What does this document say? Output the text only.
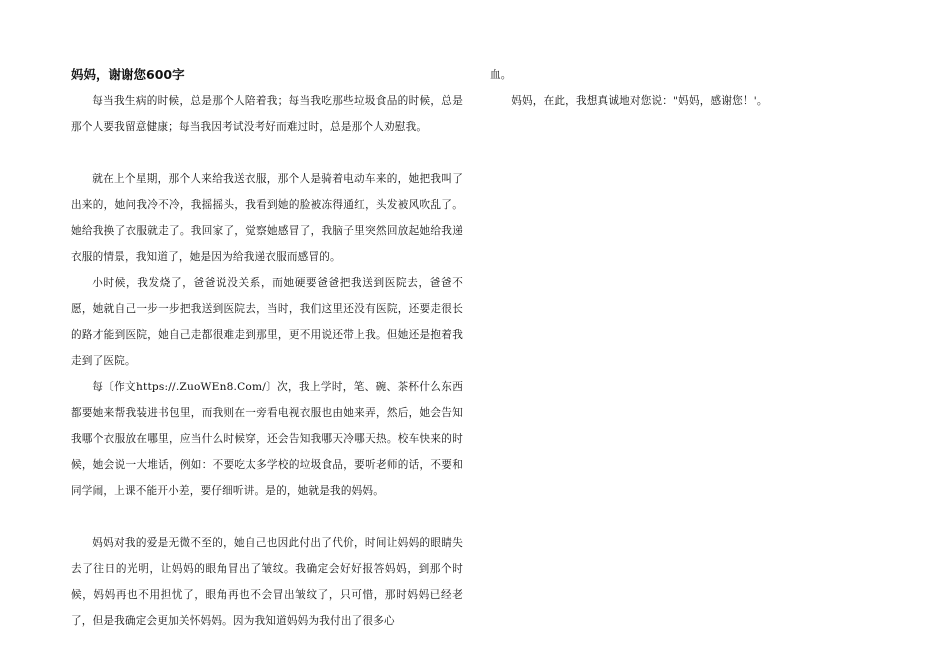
妈妈，谢谢您600字

每当我生病的时候，总是那个人陪着我；每当我吃那些垃圾食品的时候，总是那个人要我留意健康；每当我因考试没考好而难过时，总是那个人劝慰我。

就在上个星期，那个人来给我送衣服，那个人是骑着电动车来的，她把我叫了出来的，她问我冷不冷，我摇摇头，我看到她的脸被冻得通红，头发被风吹乱了。她给我换了衣服就走了。我回家了，觉察她感冒了，我脑子里突然回放起她给我递衣服的情景，我知道了，她是因为给我递衣服而感冒的。

小时候，我发烧了，爸爸说没关系，而她硬要爸爸把我送到医院去，爸爸不愿，她就自己一步一步把我送到医院去，当时，我们这里还没有医院，还要走很长的路才能到医院，她自己走都很难走到那里，更不用说还带上我。但她还是抱着我走到了医院。

每〔作文https://.ZuoWEn8.Com/〕次，我上学时，笔、碗、茶杯什么东西都要她来帮我装进书包里，而我则在一旁看电视衣服也由她来弄，然后，她会告知我哪个衣服放在哪里，应当什么时候穿，还会告知我哪天冷哪天热。校车快来的时候，她会说一大堆话，例如：不要吃太多学校的垃圾食品，要听老师的话，不要和同学闹，上课不能开小差，要仔细听讲。是的，她就是我的妈妈。

妈妈对我的爱是无微不至的，她自己也因此付出了代价，时间让妈妈的眼睛失去了往日的光明，让妈妈的眼角冒出了皱纹。我确定会好好报答妈妈，到那个时候，妈妈再也不用担忧了，眼角再也不会冒出皱纹了，只可惜，那时妈妈已经老了，但是我确定会更加关怀妈妈。因为我知道妈妈为我付出了很多心

血。

妈妈，在此，我想真诚地对您说："妈妈，感谢您！'。
